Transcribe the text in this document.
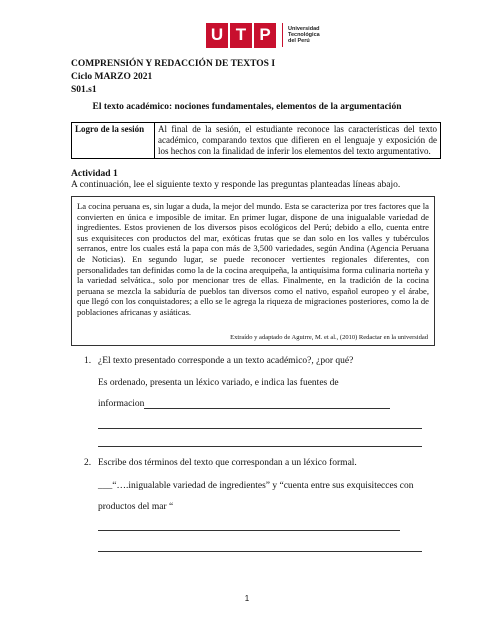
U T P	Universidad
Tecnológica
del Perú
COMPRENSIÓN Y REDACCIÓN DE TEXTOS I
Ciclo MARZO 2021
S01.s1
El texto académico: nociones fundamentales, elementos de la argumentación
Logro de la sesión	Al final de la sesión, el estudiante reconoce las características del texto académico, comparando textos que difieren en el lenguaje y exposición de los hechos con la finalidad de inferir los elementos del texto argumentativo.
Actividad 1
A continuación, lee el siguiente texto y responde las preguntas planteadas líneas abajo.

La cocina peruana es, sin lugar a duda, la mejor del mundo. Esta se caracteriza por tres factores que la convierten en única e imposible de imitar. En primer lugar, dispone de una inigualable variedad de ingredientes. Estos provienen de los diversos pisos ecológicos del Perú; debido a ello, cuenta entre sus exquisiteces con productos del mar, exóticas frutas que se dan solo en los valles y tubérculos serranos, entre los cuales está la papa con más de 3,500 variedades, según Andina (Agencia Peruana de Noticias). En segundo lugar, se puede reconocer vertientes regionales diferentes, con personalidades tan definidas como la de la cocina arequipeña, la antiquísima forma culinaria norteña y la variedad selvática., solo por mencionar tres de ellas. Finalmente, en la tradición de la cocina peruana se mezcla la sabiduría de pueblos tan diversos como el nativo, español europeo y el árabe, que llegó con los conquistadores; a ello se le agrega la riqueza de migraciones posteriores, como la de poblaciones africanas y asiáticas.

Extraído y adaptado de Aguirre, M. et al., (2010) Redactar en la universidad
1. ¿El texto presentado corresponde a un texto académico?, ¿por qué?
Es ordenado, presenta un léxico variado, e indica las fuentes de
informacion
2. Escribe dos términos del texto que correspondan a un léxico formal.
___“….inigualable variedad de ingredientes” y “cuenta entre sus exquisitecces con
productos del mar “
1
